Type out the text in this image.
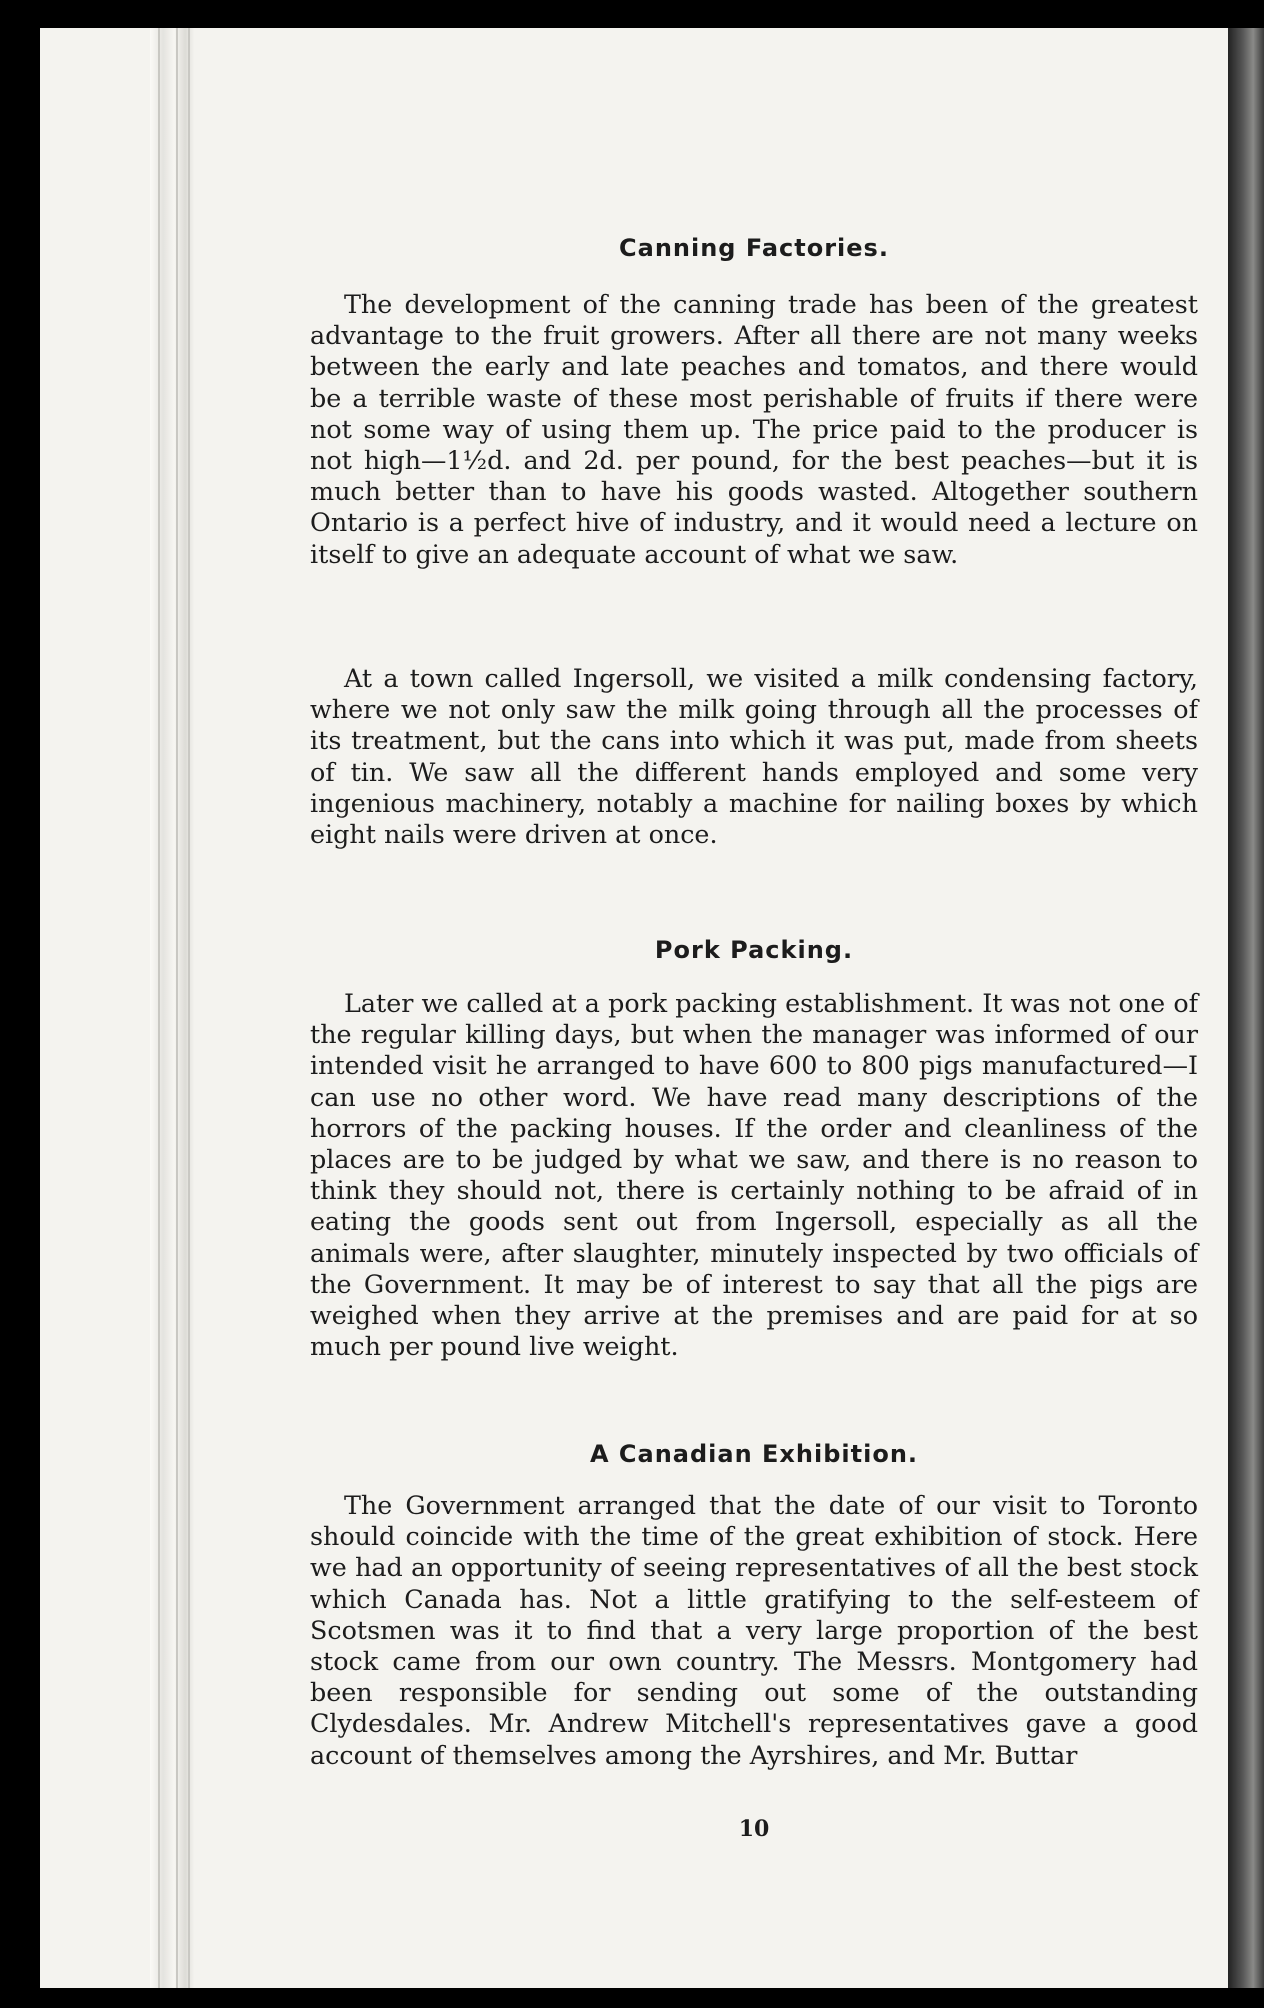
Canning Factories.

The development of the canning trade has been of the greatest advantage to the fruit growers. After all there are not many weeks between the early and late peaches and tomatos, and there would be a terrible waste of these most perishable of fruits if there were not some way of using them up. The price paid to the producer is not high—1½d. and 2d. per pound, for the best peaches—but it is much better than to have his goods wasted. Altogether southern Ontario is a perfect hive of industry, and it would need a lecture on itself to give an adequate account of what we saw.

At a town called Ingersoll, we visited a milk condensing factory, where we not only saw the milk going through all the processes of its treatment, but the cans into which it was put, made from sheets of tin. We saw all the different hands employed and some very ingenious machinery, notably a machine for nailing boxes by which eight nails were driven at once.

Pork Packing.

Later we called at a pork packing establishment. It was not one of the regular killing days, but when the manager was informed of our intended visit he arranged to have 600 to 800 pigs manufactured—I can use no other word. We have read many descriptions of the horrors of the packing houses. If the order and cleanliness of the places are to be judged by what we saw, and there is no reason to think they should not, there is certainly nothing to be afraid of in eating the goods sent out from Ingersoll, especially as all the animals were, after slaughter, minutely inspected by two officials of the Government. It may be of interest to say that all the pigs are weighed when they arrive at the premises and are paid for at so much per pound live weight.

A Canadian Exhibition.

The Government arranged that the date of our visit to Toronto should coincide with the time of the great exhibition of stock. Here we had an opportunity of seeing representatives of all the best stock which Canada has. Not a little gratifying to the self-esteem of Scotsmen was it to find that a very large proportion of the best stock came from our own country. The Messrs. Montgomery had been responsible for sending out some of the outstanding Clydesdales. Mr. Andrew Mitchell's representatives gave a good account of themselves among the Ayrshires, and Mr. Buttar

10
